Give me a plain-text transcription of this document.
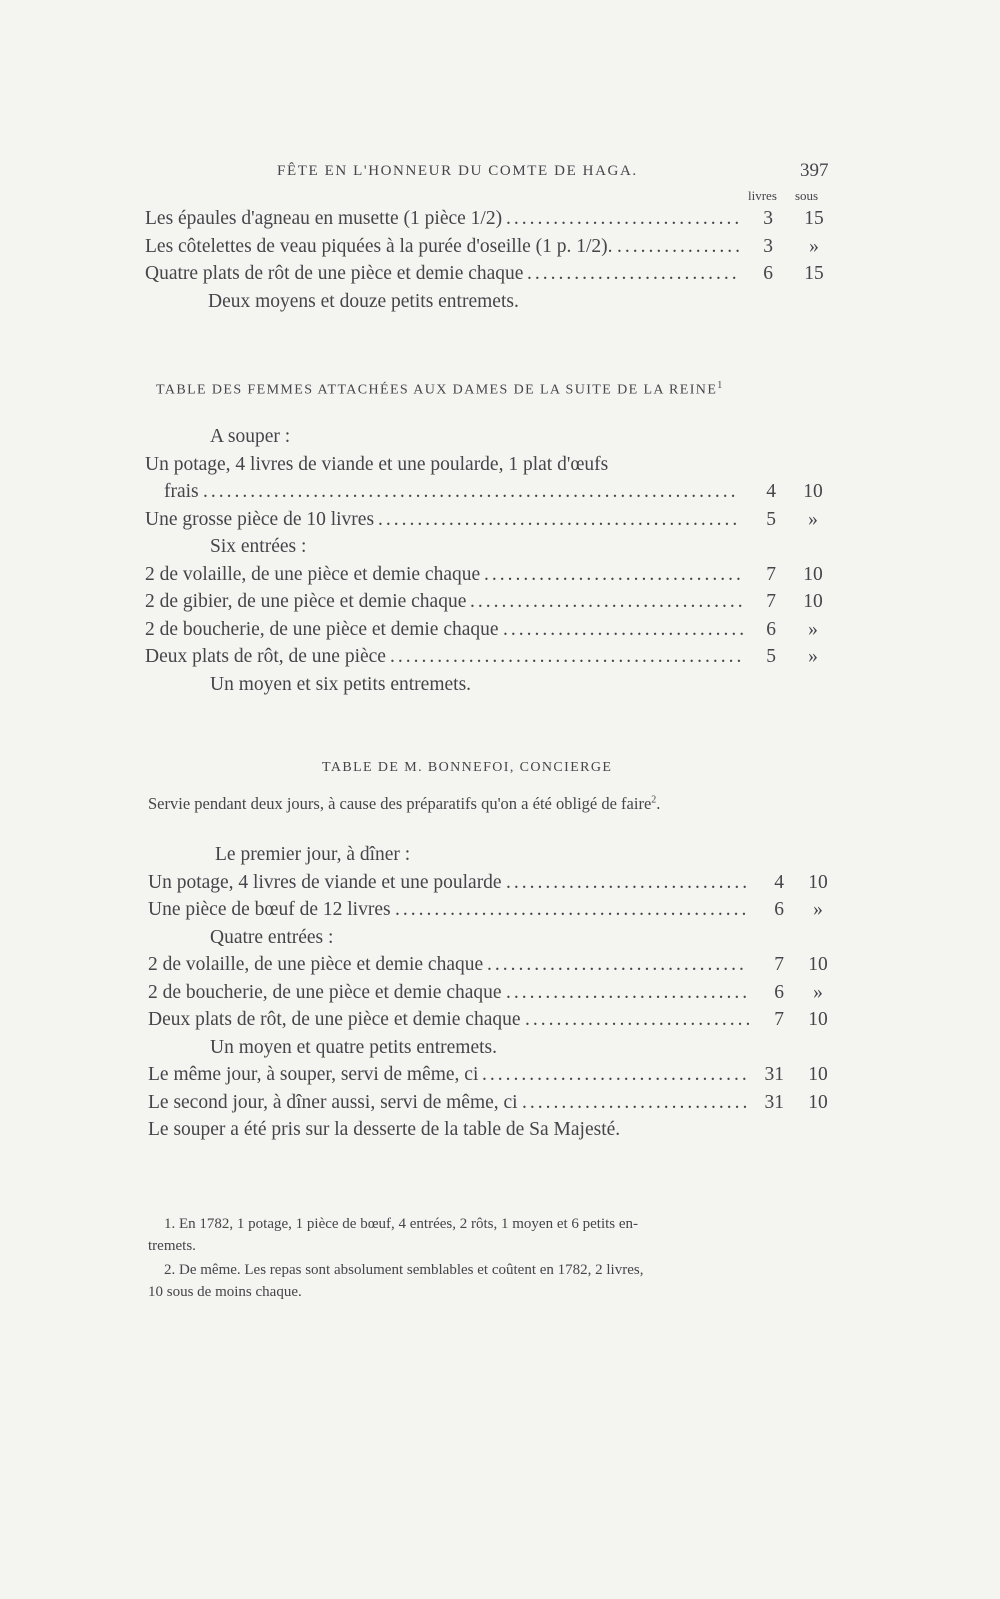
FÊTE EN L'HONNEUR DU COMTE DE HAGA.	397
livres sous
Les épaules d'agneau en musette (1 pièce 1/2) ..............................	3	15
Les côtelettes de veau piquées à la purée d'oseille (1 p. 1/2). ................	3	»
Quatre plats de rôt de une pièce et demie chaque ...........................	6	15
Deux moyens et douze petits entremets.
TABLE DES FEMMES ATTACHÉES AUX DAMES DE LA SUITE DE LA REINE$^1$
A souper :
Un potage, 4 livres de viande et une poularde, 1 plat d'œufs
frais ....................................................................	4	10
Une grosse pièce de 10 livres ..............................................	5	»
Six entrées :
2 de volaille, de une pièce et demie chaque .................................	7	10
2 de gibier, de une pièce et demie chaque ...................................	7	10
2 de boucherie, de une pièce et demie chaque ............................... 6	»
Deux plats de rôt, de une pièce .............................................	5	»
Un moyen et six petits entremets.
TABLE DE M. BONNEFOI, CONCIERGE
Servie pendant deux jours, à cause des préparatifs qu'on a été obligé de faire$^2$.
Le premier jour, à dîner :
Un potage, 4 livres de viande et une poularde ...............................	4	10
Une pièce de bœuf de 12 livres .............................................	6	»
Quatre entrées :
2 de volaille, de une pièce et demie chaque .................................	7	10
2 de boucherie, de une pièce et demie chaque ...............................	6	»
Deux plats de rôt, de une pièce et demie chaque .............................	7	10
Un moyen et quatre petits entremets.
Le même jour, à souper, servi de même, ci .................................. 31	10
Le second jour, à dîner aussi, servi de même, ci ............................. 31	10
Le souper a été pris sur la desserte de la table de Sa Majesté.
1. En 1782, 1 potage, 1 pièce de bœuf, 4 entrées, 2 rôts, 1 moyen et 6 petits en-
tremets.
2. De même. Les repas sont absolument semblables et coûtent en 1782, 2 livres,
10 sous de moins chaque.
